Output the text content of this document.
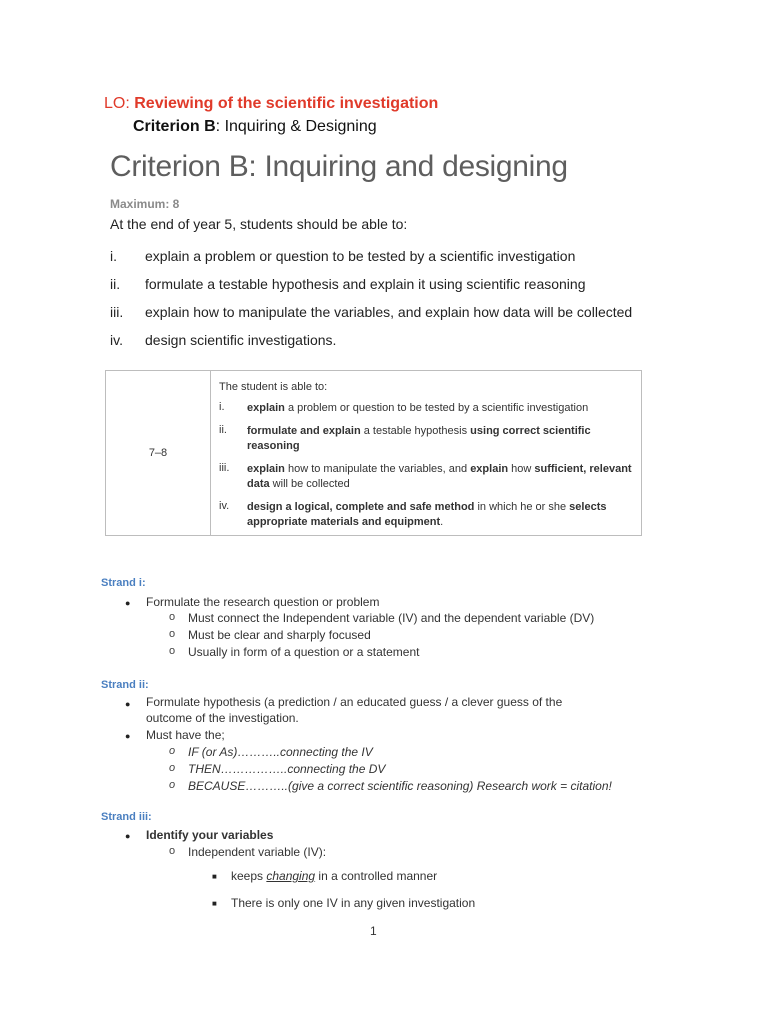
LO: Reviewing of the scientific investigation
Criterion B: Inquiring & Designing
Criterion B: Inquiring and designing
Maximum: 8
At the end of year 5, students should be able to:
i. explain a problem or question to be tested by a scientific investigation
ii. formulate a testable hypothesis and explain it using scientific reasoning
iii. explain how to manipulate the variables, and explain how data will be collected
iv. design scientific investigations.
7–8
The student is able to:
i. explain a problem or question to be tested by a scientific investigation
ii. formulate and explain a testable hypothesis using correct scientific reasoning
iii. explain how to manipulate the variables, and explain how sufficient, relevant data will be collected
iv. design a logical, complete and safe method in which he or she selects appropriate materials and equipment.
Strand i:
● Formulate the research question or problem
o Must connect the Independent variable (IV) and the dependent variable (DV)
o Must be clear and sharply focused
o Usually in form of a question or a statement
Strand ii:
● Formulate hypothesis (a prediction / an educated guess / a clever guess of the
outcome of the investigation.
● Must have the;
o IF (or As)………..connecting the IV
o THEN……………..connecting the DV
o BECAUSE………..(give a correct scientific reasoning) Research work = citation!
Strand iii:
● Identify your variables
o Independent variable (IV):
■ keeps changing in a controlled manner
■ There is only one IV in any given investigation
1
